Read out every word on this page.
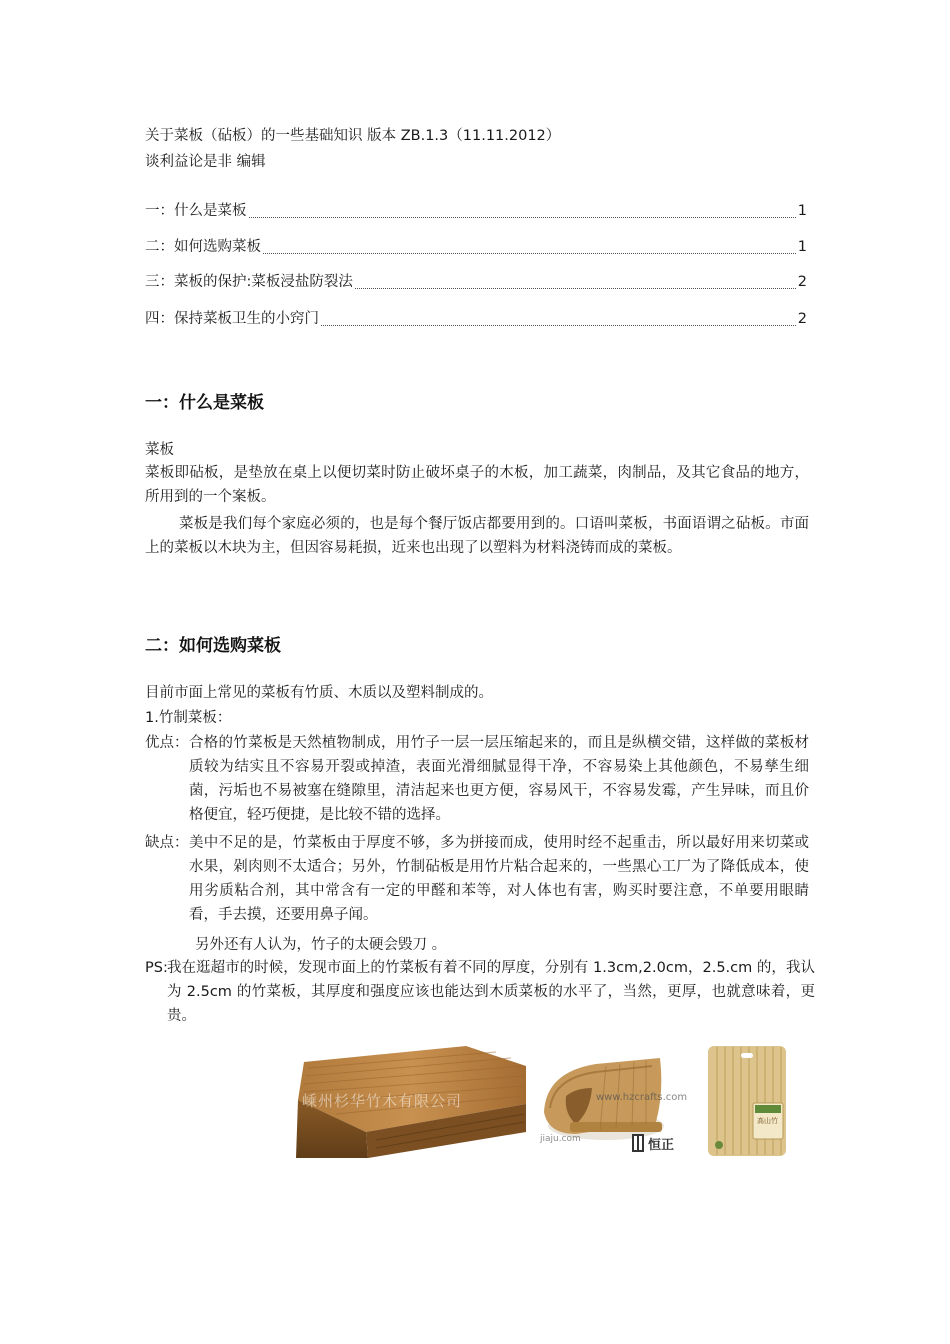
关于菜板（砧板）的一些基础知识 版本 ZB.1.3（11.11.2012）
谈利益论是非 编辑
一：什么是菜板	1
二：如何选购菜板	1
三：菜板的保护:菜板浸盐防裂法	2
四：保持菜板卫生的小窍门	2
一：什么是菜板
菜板
菜板即砧板，是垫放在桌上以便切菜时防止破坏桌子的木板，加工蔬菜，肉制品，及其它食品的地方，所用到的一个案板。
菜板是我们每个家庭必须的，也是每个餐厅饭店都要用到的。口语叫菜板，书面语谓之砧板。市面上的菜板以木块为主，但因容易耗损，近来也出现了以塑料为材料浇铸而成的菜板。
二：如何选购菜板
目前市面上常见的菜板有竹质、木质以及塑料制成的。
1.竹制菜板：
优点： 合格的竹菜板是天然植物制成，用竹子一层一层压缩起来的，而且是纵横交错，这样做的菜板材质较为结实且不容易开裂或掉渣，表面光滑细腻显得干净，不容易染上其他颜色，不易孳生细菌，污垢也不易被塞在缝隙里，清洁起来也更方便，容易风干，不容易发霉，产生异味，而且价格便宜，轻巧便捷，是比较不错的选择。
缺点： 美中不足的是，竹菜板由于厚度不够，多为拼接而成，使用时经不起重击，所以最好用来切菜或水果，剁肉则不太适合；另外，竹制砧板是用竹片粘合起来的，一些黑心工厂为了降低成本，使用劣质粘合剂，其中常含有一定的甲醛和苯等，对人体也有害，购买时要注意，不单要用眼睛看，手去摸，还要用鼻子闻。
另外还有人认为，竹子的太硬会毁刀 。
PS: 我在逛超市的时候，发现市面上的竹菜板有着不同的厚度，分别有 1.3cm,2.0cm，2.5.cm 的，我认为 2.5cm 的竹菜板，其厚度和强度应该也能达到木质菜板的水平了，当然，更厚，也就意味着，更贵。
嵊州杉华竹木有限公司	www.hzcrafts.com
jiaju.com	恒正
高山竹
